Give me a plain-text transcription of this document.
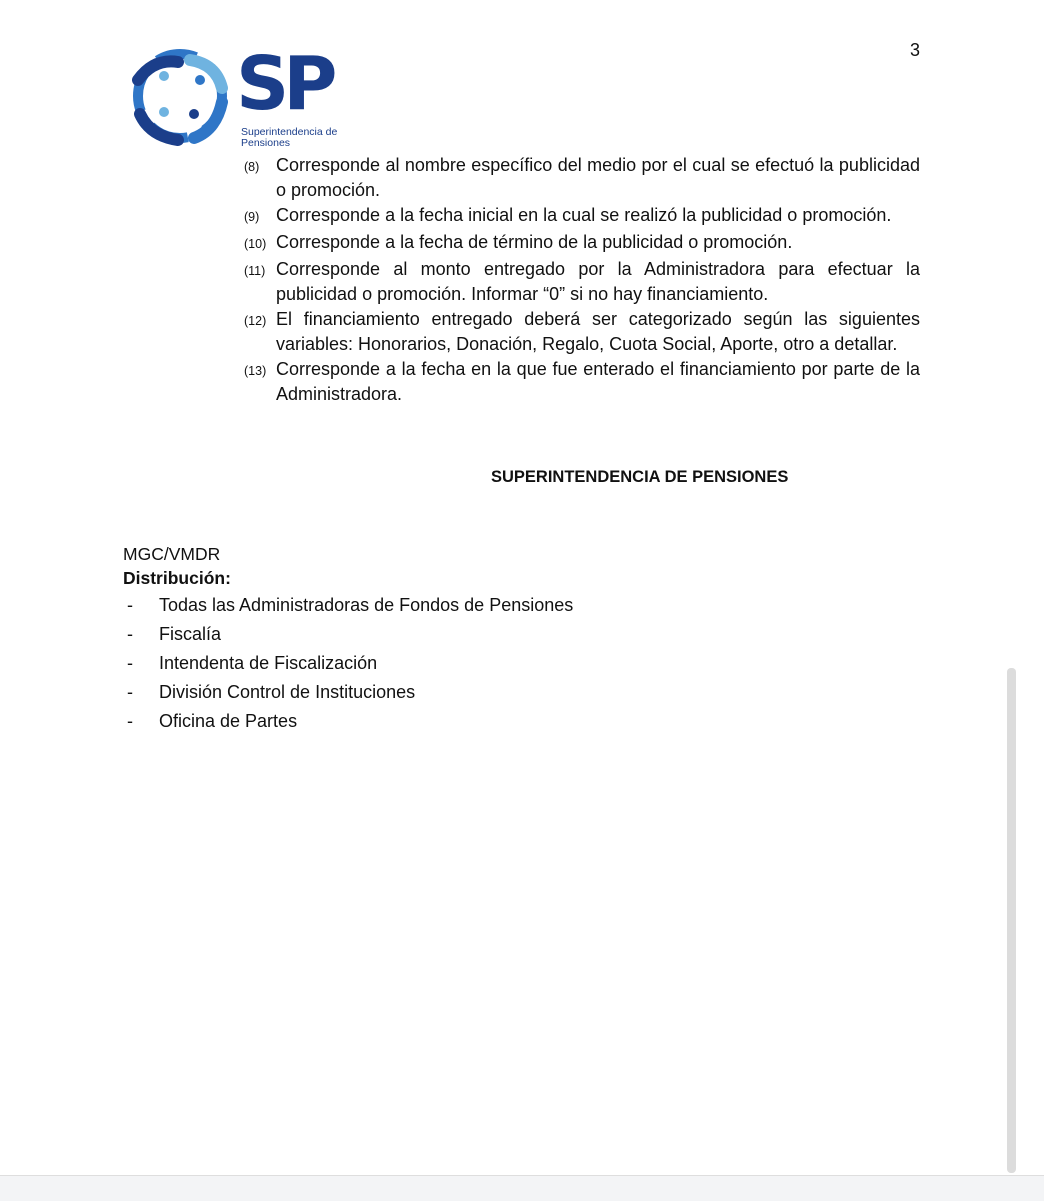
3
SP
Superintendencia de
Pensiones
(8) Corresponde al nombre específico del medio por el cual se efectuó la publicidad o promoción.
(9) Corresponde a la fecha inicial en la cual se realizó la publicidad o promoción.
(10) Corresponde a la fecha de término de la publicidad o promoción.
(11) Corresponde al monto entregado por la Administradora para efectuar la publicidad o promoción. Informar “0” si no hay financiamiento.
(12) El financiamiento entregado deberá ser categorizado según las siguientes variables: Honorarios, Donación, Regalo, Cuota Social, Aporte, otro a detallar.
(13) Corresponde a la fecha en la que fue enterado el financiamiento por parte de la Administradora.
SUPERINTENDENCIA DE PENSIONES
MGC/VMDR
Distribución:
-	Todas las Administradoras de Fondos de Pensiones
-	Fiscalía
-	Intendenta de Fiscalización
-	División Control de Instituciones
-	Oficina de Partes
